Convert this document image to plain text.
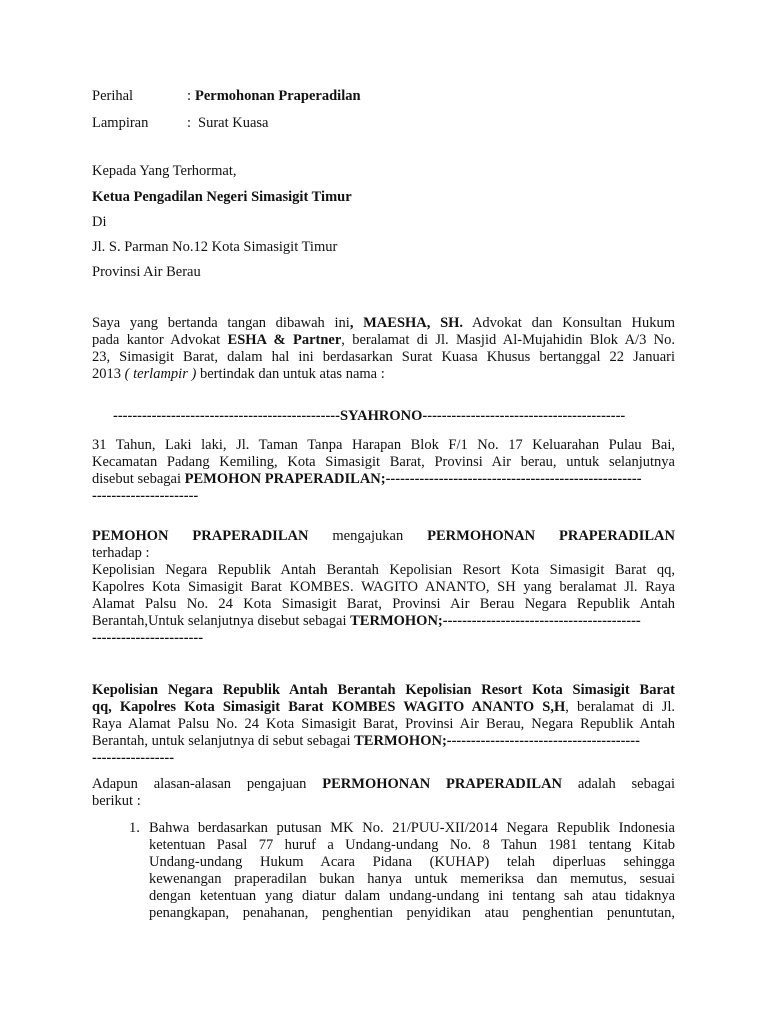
Perihal	: Permohonan Praperadilan
Lampiran	: Surat Kuasa
Kepada Yang Terhormat,
Ketua Pengadilan Negeri Simasigit Timur
Di
Jl. S. Parman No.12 Kota Simasigit Timur
Provinsi Air Berau
Saya yang bertanda tangan dibawah ini, MAESHA, SH. Advokat dan Konsultan Hukum
pada kantor Advokat ESHA & Partner, beralamat di Jl. Masjid Al-Mujahidin Blok A/3 No.
23, Simasigit Barat, dalam hal ini berdasarkan Surat Kuasa Khusus bertanggal 22 Januari
2013 ( terlampir ) bertindak dan untuk atas nama :
-----------------------------------------------SYAHRONO------------------------------------------
31 Tahun, Laki laki, Jl. Taman Tanpa Harapan Blok F/1 No. 17 Keluarahan Pulau Bai,
Kecamatan Padang Kemiling, Kota Simasigit Barat, Provinsi Air berau, untuk selanjutnya
disebut sebagai PEMOHON PRAPERADILAN;-----------------------------------------------------
----------------------
PEMOHON PRAPERADILAN mengajukan PERMOHONAN PRAPERADILAN
terhadap :
Kepolisian Negara Republik Antah Berantah Kepolisian Resort Kota Simasigit Barat qq,
Kapolres Kota Simasigit Barat KOMBES. WAGITO ANANTO, SH yang beralamat Jl. Raya
Alamat Palsu No. 24 Kota Simasigit Barat, Provinsi Air Berau Negara Republik Antah
Berantah,Untuk selanjutnya disebut sebagai TERMOHON;-----------------------------------------
-----------------------
Kepolisian Negara Republik Antah Berantah Kepolisian Resort Kota Simasigit Barat
qq, Kapolres Kota Simasigit Barat KOMBES WAGITO ANANTO S,H, beralamat di Jl.
Raya Alamat Palsu No. 24 Kota Simasigit Barat, Provinsi Air Berau, Negara Republik Antah
Berantah, untuk selanjutnya di sebut sebagai TERMOHON;----------------------------------------
-----------------
Adapun alasan-alasan pengajuan PERMOHONAN PRAPERADILAN adalah sebagai
berikut :
1. Bahwa berdasarkan putusan MK No. 21/PUU-XII/2014 Negara Republik Indonesia
ketentuan Pasal 77 huruf a Undang-undang No. 8 Tahun 1981 tentang Kitab
Undang-undang Hukum Acara Pidana (KUHAP) telah diperluas sehingga
kewenangan praperadilan bukan hanya untuk memeriksa dan memutus, sesuai
dengan ketentuan yang diatur dalam undang-undang ini tentang sah atau tidaknya
penangkapan, penahanan, penghentian penyidikan atau penghentian penuntutan,
